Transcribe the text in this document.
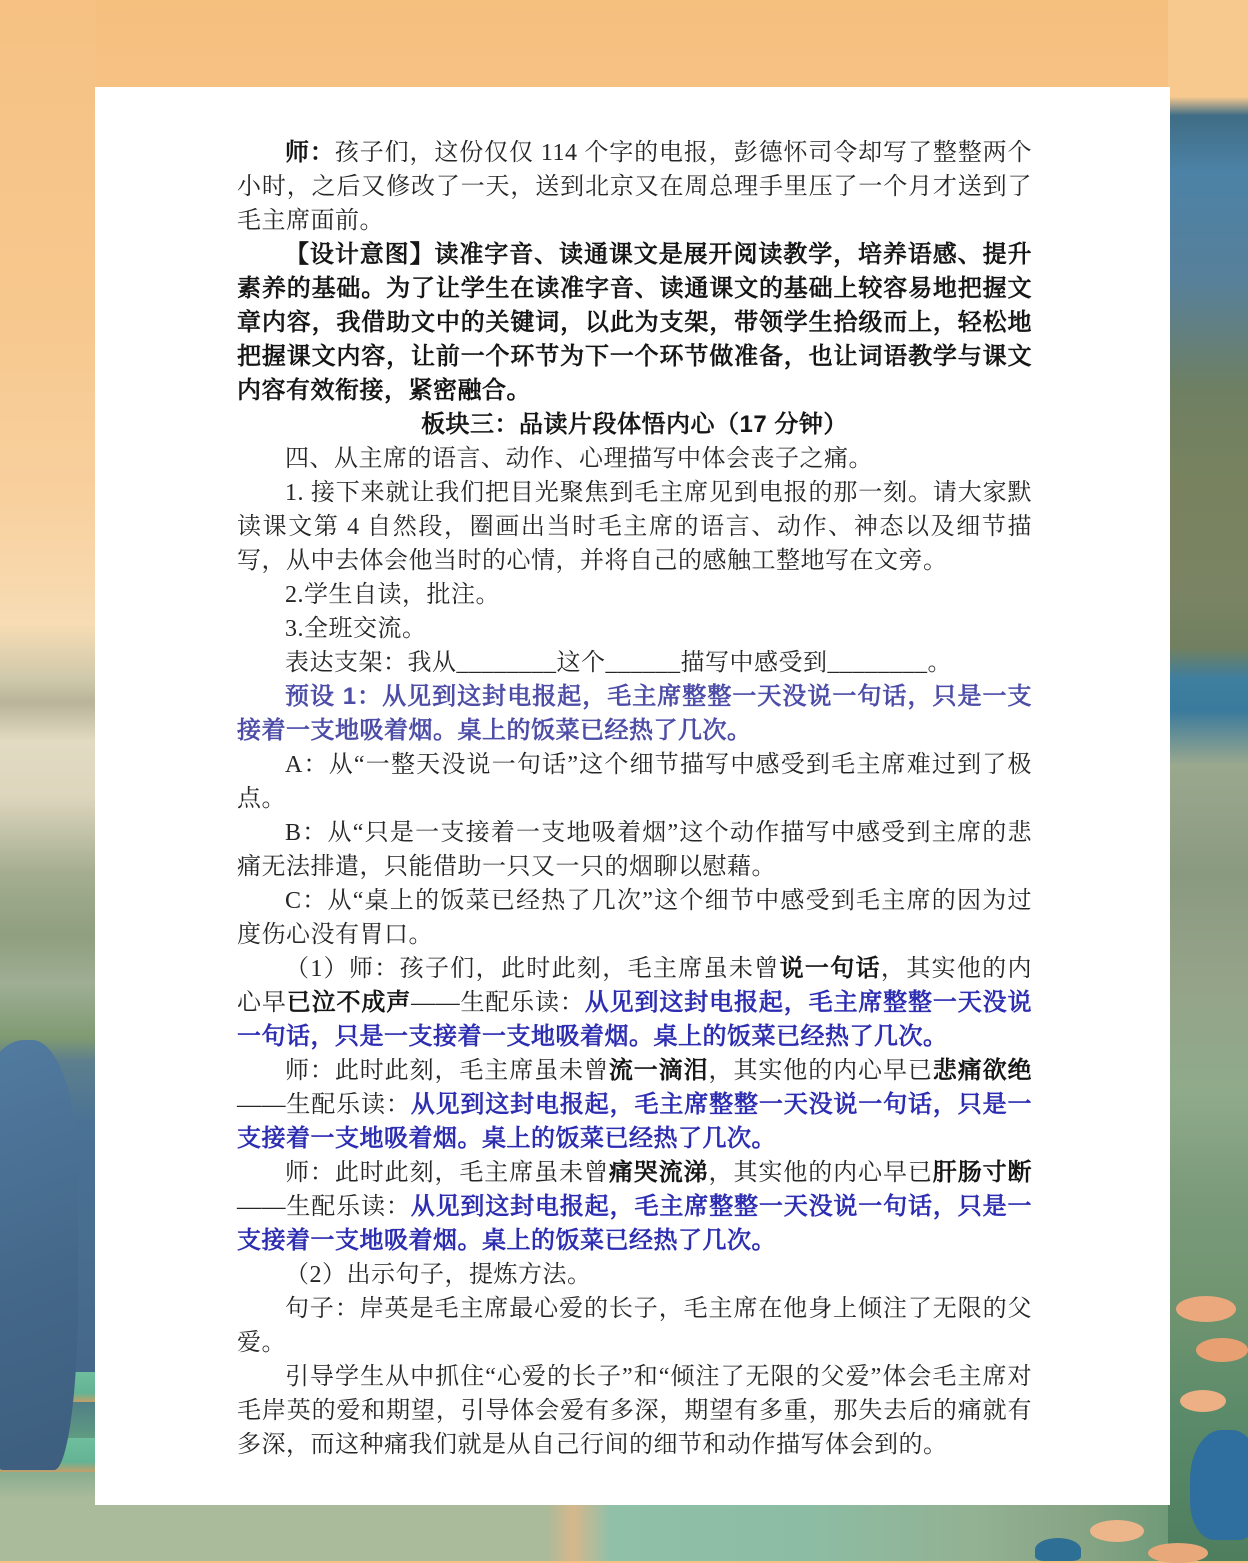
师：孩子们，这份仅仅 114 个字的电报，彭德怀司令却写了整整两个小时，之后又修改了一天，送到北京又在周总理手里压了一个月才送到了毛主席面前。

【设计意图】读准字音、读通课文是展开阅读教学，培养语感、提升素养的基础。为了让学生在读准字音、读通课文的基础上较容易地把握文章内容，我借助文中的关键词，以此为支架，带领学生拾级而上，轻松地把握课文内容，让前一个环节为下一个环节做准备，也让词语教学与课文内容有效衔接，紧密融合。

板块三：品读片段体悟内心（17 分钟）

四、从主席的语言、动作、心理描写中体会丧子之痛。

1. 接下来就让我们把目光聚焦到毛主席见到电报的那一刻。请大家默读课文第 4 自然段，圈画出当时毛主席的语言、动作、神态以及细节描写，从中去体会他当时的心情，并将自己的感触工整地写在文旁。

2.学生自读，批注。

3.全班交流。

表达支架：我从________这个______描写中感受到________。

预设 1：从见到这封电报起，毛主席整整一天没说一句话，只是一支接着一支地吸着烟。桌上的饭菜已经热了几次。

A：从“一整天没说一句话”这个细节描写中感受到毛主席难过到了极点。

B：从“只是一支接着一支地吸着烟”这个动作描写中感受到主席的悲痛无法排遣，只能借助一只又一只的烟聊以慰藉。

C：从“桌上的饭菜已经热了几次”这个细节中感受到毛主席的因为过度伤心没有胃口。

（1）师：孩子们，此时此刻，毛主席虽未曾说一句话，其实他的内心早已泣不成声——生配乐读：从见到这封电报起，毛主席整整一天没说一句话，只是一支接着一支地吸着烟。桌上的饭菜已经热了几次。

师：此时此刻，毛主席虽未曾流一滴泪，其实他的内心早已悲痛欲绝——生配乐读：从见到这封电报起，毛主席整整一天没说一句话，只是一支接着一支地吸着烟。桌上的饭菜已经热了几次。

师：此时此刻，毛主席虽未曾痛哭流涕，其实他的内心早已肝肠寸断——生配乐读：从见到这封电报起，毛主席整整一天没说一句话，只是一支接着一支地吸着烟。桌上的饭菜已经热了几次。

（2）出示句子，提炼方法。

句子：岸英是毛主席最心爱的长子，毛主席在他身上倾注了无限的父爱。

引导学生从中抓住“心爱的长子”和“倾注了无限的父爱”体会毛主席对毛岸英的爱和期望，引导体会爱有多深，期望有多重，那失去后的痛就有多深，而这种痛我们就是从自己行间的细节和动作描写体会到的。
